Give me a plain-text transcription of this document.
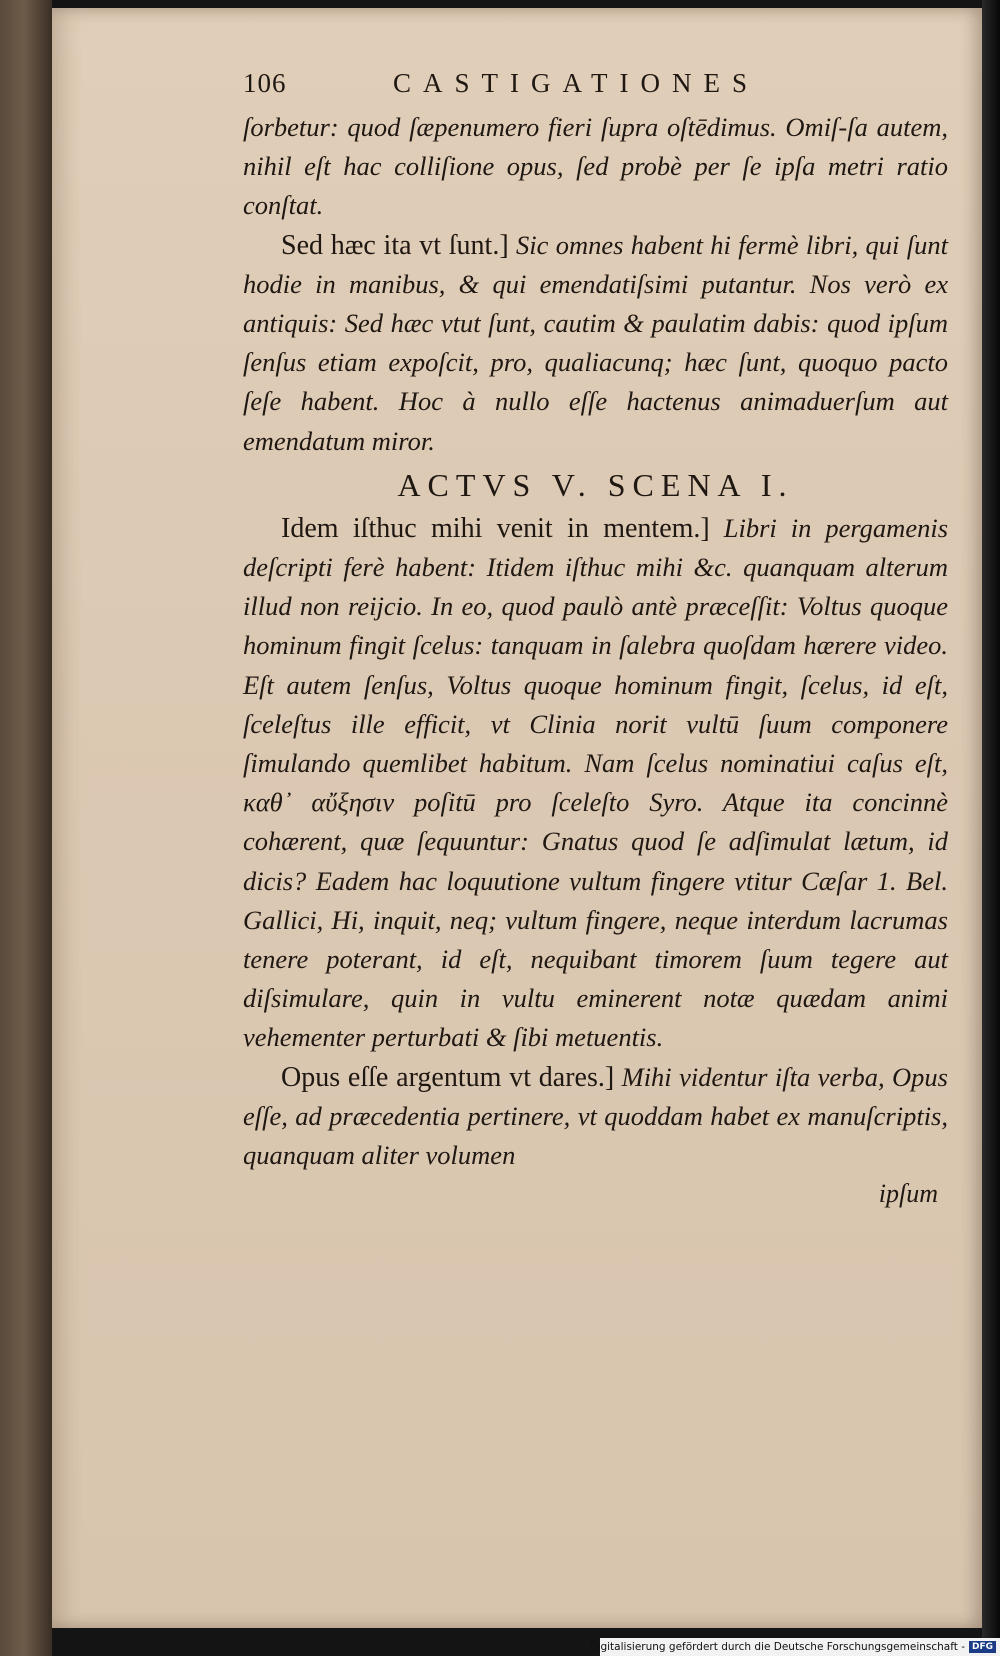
106	CASTIGATIONES

ſorbetur: quod ſæpenumero fieri ſupra oſtēdimus. Omiſ-ſa autem, nihil eſt hac colliſione opus, ſed probè per ſe ipſa metri ratio conſtat.

Sed hæc ita vt ſunt.] Sic omnes habent hi fermè libri, qui ſunt hodie in manibus, & qui emendatiſsimi putantur. Nos verò ex antiquis: Sed hæc vtut ſunt, cautim & paulatim dabis: quod ipſum ſenſus etiam expoſcit, pro, qualiacunq; hæc ſunt, quoquo pacto ſeſe habent. Hoc à nullo eſſe hactenus animaduerſum aut emendatum miror.

ACTVS V. SCENA I.

Idem iſthuc mihi venit in mentem.] Libri in pergamenis deſcripti ferè habent: Itidem iſthuc mihi &c. quanquam alterum illud non reijcio. In eo, quod paulò antè præceſſit: Voltus quoque hominum fingit ſcelus: tanquam in ſalebra quoſdam hærere video. Eſt autem ſenſus, Voltus quoque hominum fingit, ſcelus, id eſt, ſceleſtus ille efficit, vt Clinia norit vultū ſuum componere ſimulando quemlibet habitum. Nam ſcelus nominatiui caſus eſt, καθ᾽ αὔξησιν poſitū pro ſceleſto Syro. Atque ita concinnè cohærent, quæ ſequuntur: Gnatus quod ſe adſimulat lætum, id dicis? Eadem hac loquutione vultum fingere vtitur Cæſar 1. Bel. Gallici, Hi, inquit, neq; vultum fingere, neque interdum lacrumas tenere poterant, id eſt, nequibant timorem ſuum tegere aut diſsimulare, quin in vultu eminerent notæ quædam animi vehementer perturbati & ſibi metuentis.

Opus eſſe argentum vt dares.] Mihi videntur iſta verba, Opus eſſe, ad præcedentia pertinere, vt quoddam habet ex manuſcriptis, quanquam aliter volumen

ipſum
Digitalisierung gefördert durch die Deutsche Forschungsgemeinschaft - DFG
